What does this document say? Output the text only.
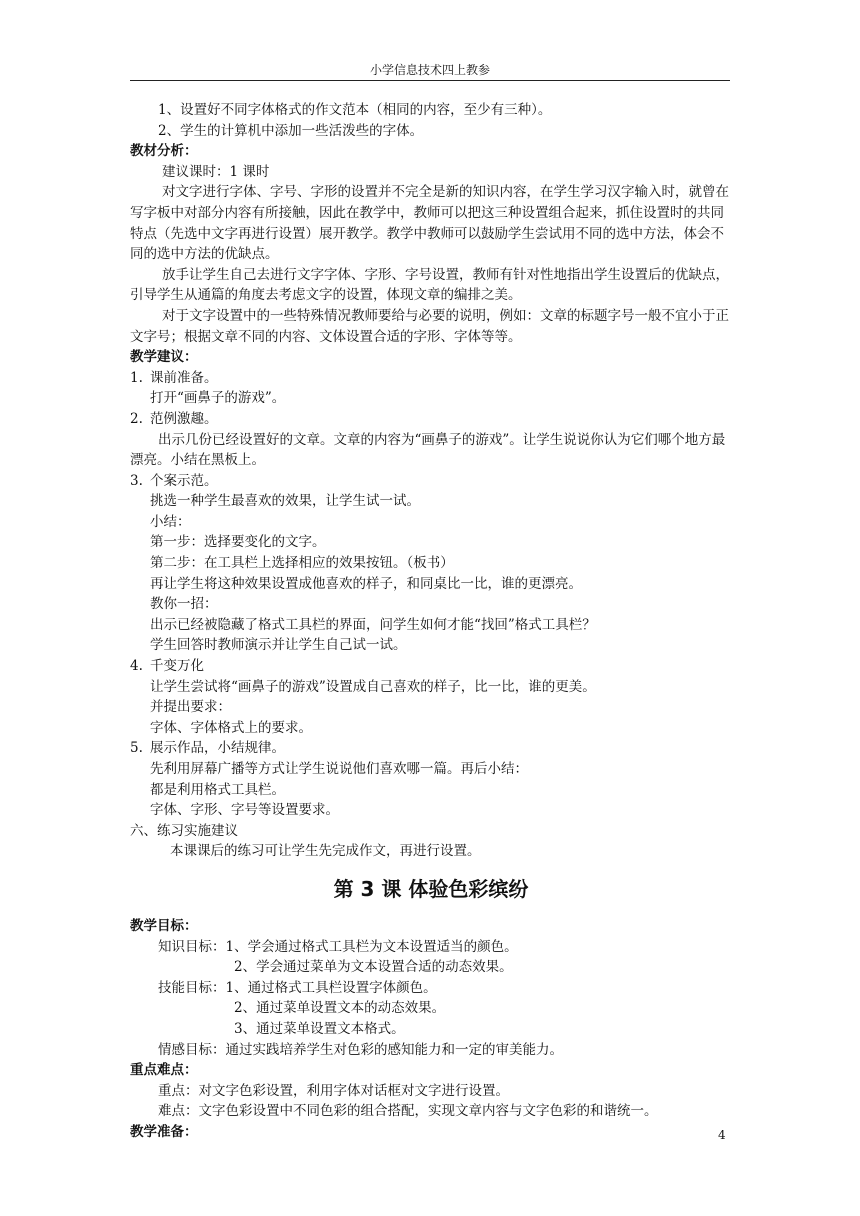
小学信息技术四上教参

1、设置好不同字体格式的作文范本（相同的内容，至少有三种）。

2、学生的计算机中添加一些活泼些的字体。

教材分析：

建议课时：1 课时

对文字进行字体、字号、字形的设置并不完全是新的知识内容，在学生学习汉字输入时，就曾在写字板中对部分内容有所接触，因此在教学中，教师可以把这三种设置组合起来，抓住设置时的共同特点（先选中文字再进行设置）展开教学。教学中教师可以鼓励学生尝试用不同的选中方法，体会不同的选中方法的优缺点。

放手让学生自己去进行文字字体、字形、字号设置，教师有针对性地指出学生设置后的优缺点，引导学生从通篇的角度去考虑文字的设置，体现文章的编排之美。

对于文字设置中的一些特殊情况教师要给与必要的说明，例如：文章的标题字号一般不宜小于正文字号；根据文章不同的内容、文体设置合适的字形、字体等等。

教学建议：

1. 课前准备。

打开“画鼻子的游戏”。

2. 范例激趣。

出示几份已经设置好的文章。文章的内容为“画鼻子的游戏”。让学生说说你认为它们哪个地方最漂亮。小结在黑板上。

3. 个案示范。

挑选一种学生最喜欢的效果，让学生试一试。

小结：

第一步：选择要变化的文字。

第二步：在工具栏上选择相应的效果按钮。（板书）

再让学生将这种效果设置成他喜欢的样子，和同桌比一比，谁的更漂亮。

教你一招：

出示已经被隐藏了格式工具栏的界面，问学生如何才能“找回”格式工具栏？

学生回答时教师演示并让学生自己试一试。

4. 千变万化

让学生尝试将“画鼻子的游戏”设置成自己喜欢的样子，比一比，谁的更美。

并提出要求：

字体、字体格式上的要求。

5. 展示作品，小结规律。

先利用屏幕广播等方式让学生说说他们喜欢哪一篇。再后小结：

都是利用格式工具栏。

字体、字形、字号等设置要求。

六、练习实施建议

本课课后的练习可让学生先完成作文，再进行设置。

第 3 课 体验色彩缤纷

教学目标：

知识目标：1、学会通过格式工具栏为文本设置适当的颜色。

2、学会通过菜单为文本设置合适的动态效果。

技能目标：1、通过格式工具栏设置字体颜色。

2、通过菜单设置文本的动态效果。

3、通过菜单设置文本格式。

情感目标：通过实践培养学生对色彩的感知能力和一定的审美能力。

重点难点：

重点：对文字色彩设置，利用字体对话框对文字进行设置。

难点：文字色彩设置中不同色彩的组合搭配，实现文章内容与文字色彩的和谐统一。

教学准备：	4
